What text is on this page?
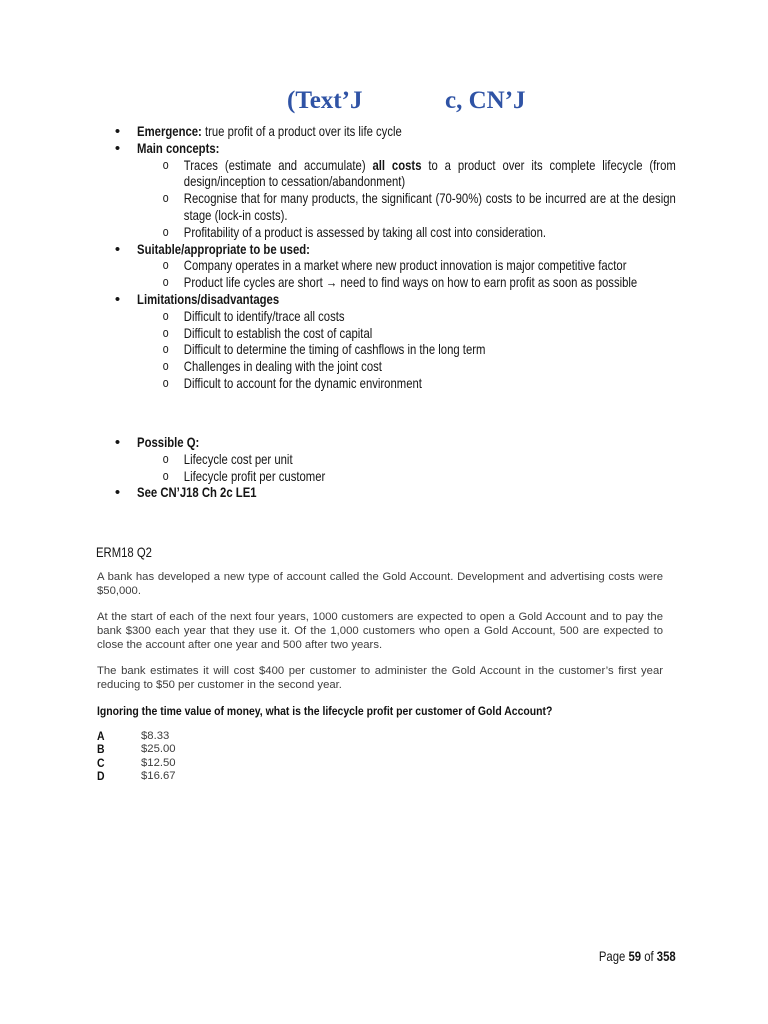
(Text’J	c, CN’J
• Emergence: true profit of a product over its life cycle
• Main concepts:
o Traces (estimate and accumulate) all costs to a product over its complete lifecycle (from design/inception to cessation/abandonment)
o Recognise that for many products, the significant (70-90%) costs to be incurred are at the design stage (lock-in costs).
o Profitability of a product is assessed by taking all cost into consideration.
• Suitable/appropriate to be used:
o Company operates in a market where new product innovation is major competitive factor
o Product life cycles are short → need to find ways on how to earn profit as soon as possible
• Limitations/disadvantages
o Difficult to identify/trace all costs
o Difficult to establish the cost of capital
o Difficult to determine the timing of cashflows in the long term
o Challenges in dealing with the joint cost
o Difficult to account for the dynamic environment
• Possible Q:
o Lifecycle cost per unit
o Lifecycle profit per customer
• See CN’J18 Ch 2c LE1
ERM18 Q2
A bank has developed a new type of account called the Gold Account. Development and advertising costs were $50,000.
At the start of each of the next four years, 1000 customers are expected to open a Gold Account and to pay the bank $300 each year that they use it. Of the 1,000 customers who open a Gold Account, 500 are expected to close the account after one year and 500 after two years.
The bank estimates it will cost $400 per customer to administer the Gold Account in the customer’s first year reducing to $50 per customer in the second year.
Ignoring the time value of money, what is the lifecycle profit per customer of Gold Account?
A	$8.33
B	$25.00
C	$12.50
D	$16.67
Page 59 of 358
